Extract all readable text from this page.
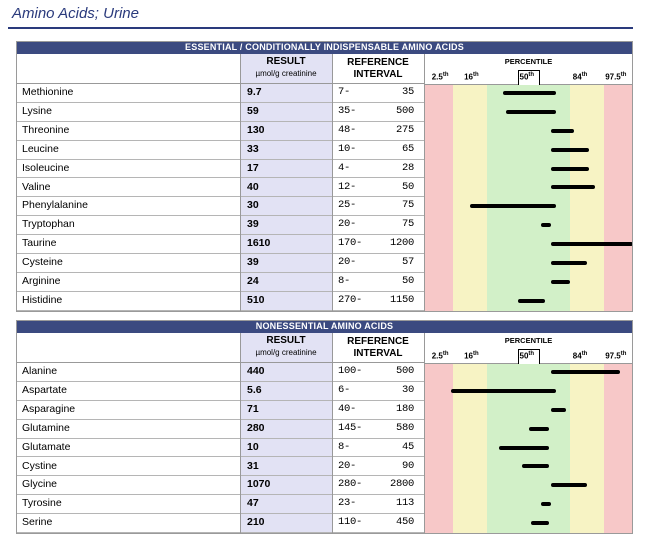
Amino Acids; Urine
PERCENTILE
2.5th 16th	50th	84th 97.5th
ESSENTIAL / CONDITIONALLY INDISPENSABLE AMINO ACIDS
RESULT
µmol/g creatinine
REFERENCE
INTERVAL
Methionine	9.7	7-	35
Lysine	59	35-	500
Threonine	130	48-	275
Leucine	33	10-	65
Isoleucine	17	4-	28
Valine	40	12-	50
Phenylalanine	30	25-	75
Tryptophan	39	20-	75
Taurine	1610	170-	1200
Cysteine	39	20-	57
Arginine	24	8-	50
Histidine	510	270-	1150
PERCENTILE
2.5th 16th	50th	84th 97.5th
NONESSENTIAL AMINO ACIDS
RESULT
µmol/g creatinine
REFERENCE
INTERVAL
Alanine	440	100-	500
Aspartate	5.6	6-	30
Asparagine	71	40-	180
Glutamine	280	145-	580
Glutamate	10	8-	45
Cystine	31	20-	90
Glycine	1070	280-	2800
Tyrosine	47	23-	113
Serine	210	110-	450
